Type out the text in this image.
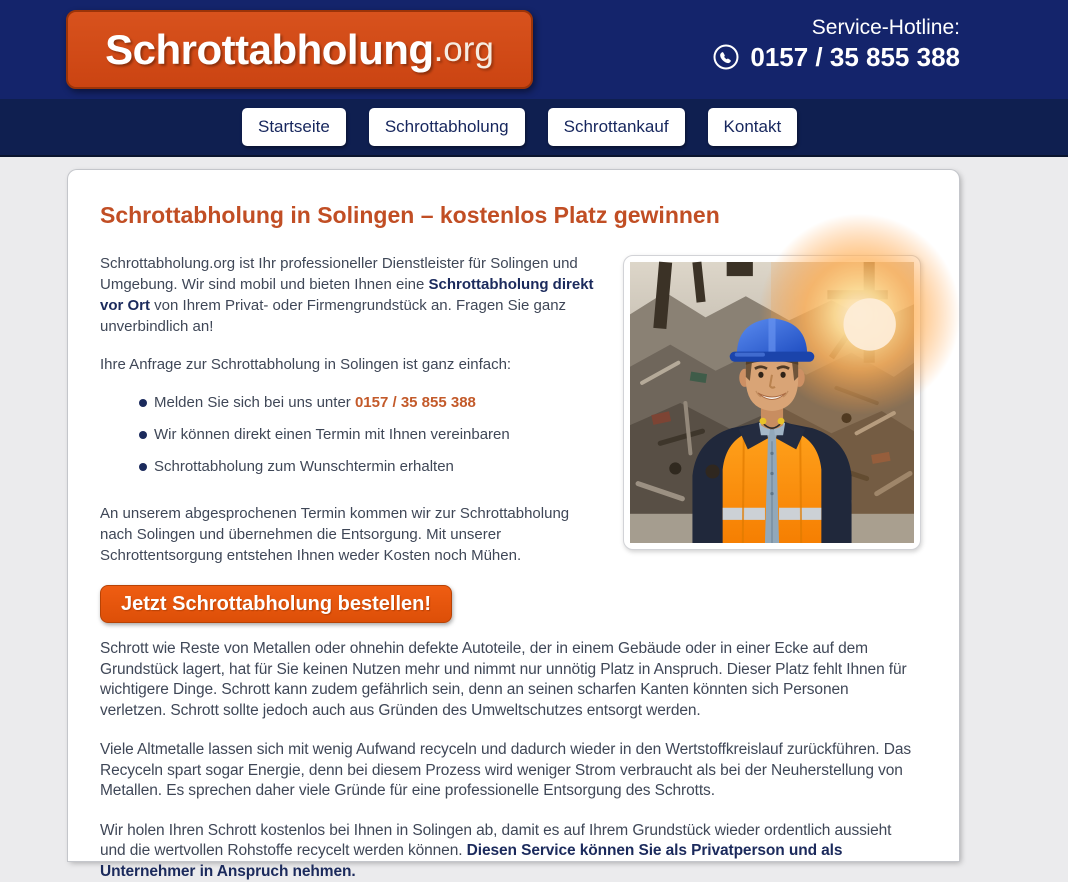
Schrottabholung .org
Service-Hotline:
0157 / 35 855 388
Startseite	Schrottabholung	Schrottankauf	Kontakt
Schrottabholung in Solingen – kostenlos Platz gewinnen

Schrottabholung.org ist Ihr professioneller Dienstleister für Solingen und Umgebung. Wir sind mobil und bieten Ihnen eine Schrottabholung direkt vor Ort von Ihrem Privat- oder Firmengrundstück an. Fragen Sie ganz unverbindlich an!

Ihre Anfrage zur Schrottabholung in Solingen ist ganz einfach:

Melden Sie sich bei uns unter 0157 / 35 855 388
Wir können direkt einen Termin mit Ihnen vereinbaren
Schrottabholung zum Wunschtermin erhalten

An unserem abgesprochenen Termin kommen wir zur Schrottabholung nach Solingen und übernehmen die Entsorgung. Mit unserer Schrottentsorgung entstehen Ihnen weder Kosten noch Mühen.

Jetzt Schrottabholung bestellen!

Schrott wie Reste von Metallen oder ohnehin defekte Autoteile, der in einem Gebäude oder in einer Ecke auf dem Grundstück lagert, hat für Sie keinen Nutzen mehr und nimmt nur unnötig Platz in Anspruch. Dieser Platz fehlt Ihnen für wichtigere Dinge. Schrott kann zudem gefährlich sein, denn an seinen scharfen Kanten könnten sich Personen verletzen. Schrott sollte jedoch auch aus Gründen des Umweltschutzes entsorgt werden.

Viele Altmetalle lassen sich mit wenig Aufwand recyceln und dadurch wieder in den Wertstoffkreislauf zurückführen. Das Recyceln spart sogar Energie, denn bei diesem Prozess wird weniger Strom verbraucht als bei der Neuherstellung von Metallen. Es sprechen daher viele Gründe für eine professionelle Entsorgung des Schrotts.

Wir holen Ihren Schrott kostenlos bei Ihnen in Solingen ab, damit es auf Ihrem Grundstück wieder ordentlich aussieht und die wertvollen Rohstoffe recycelt werden können. Diesen Service können Sie als Privatperson und als Unternehmer in Anspruch nehmen.
